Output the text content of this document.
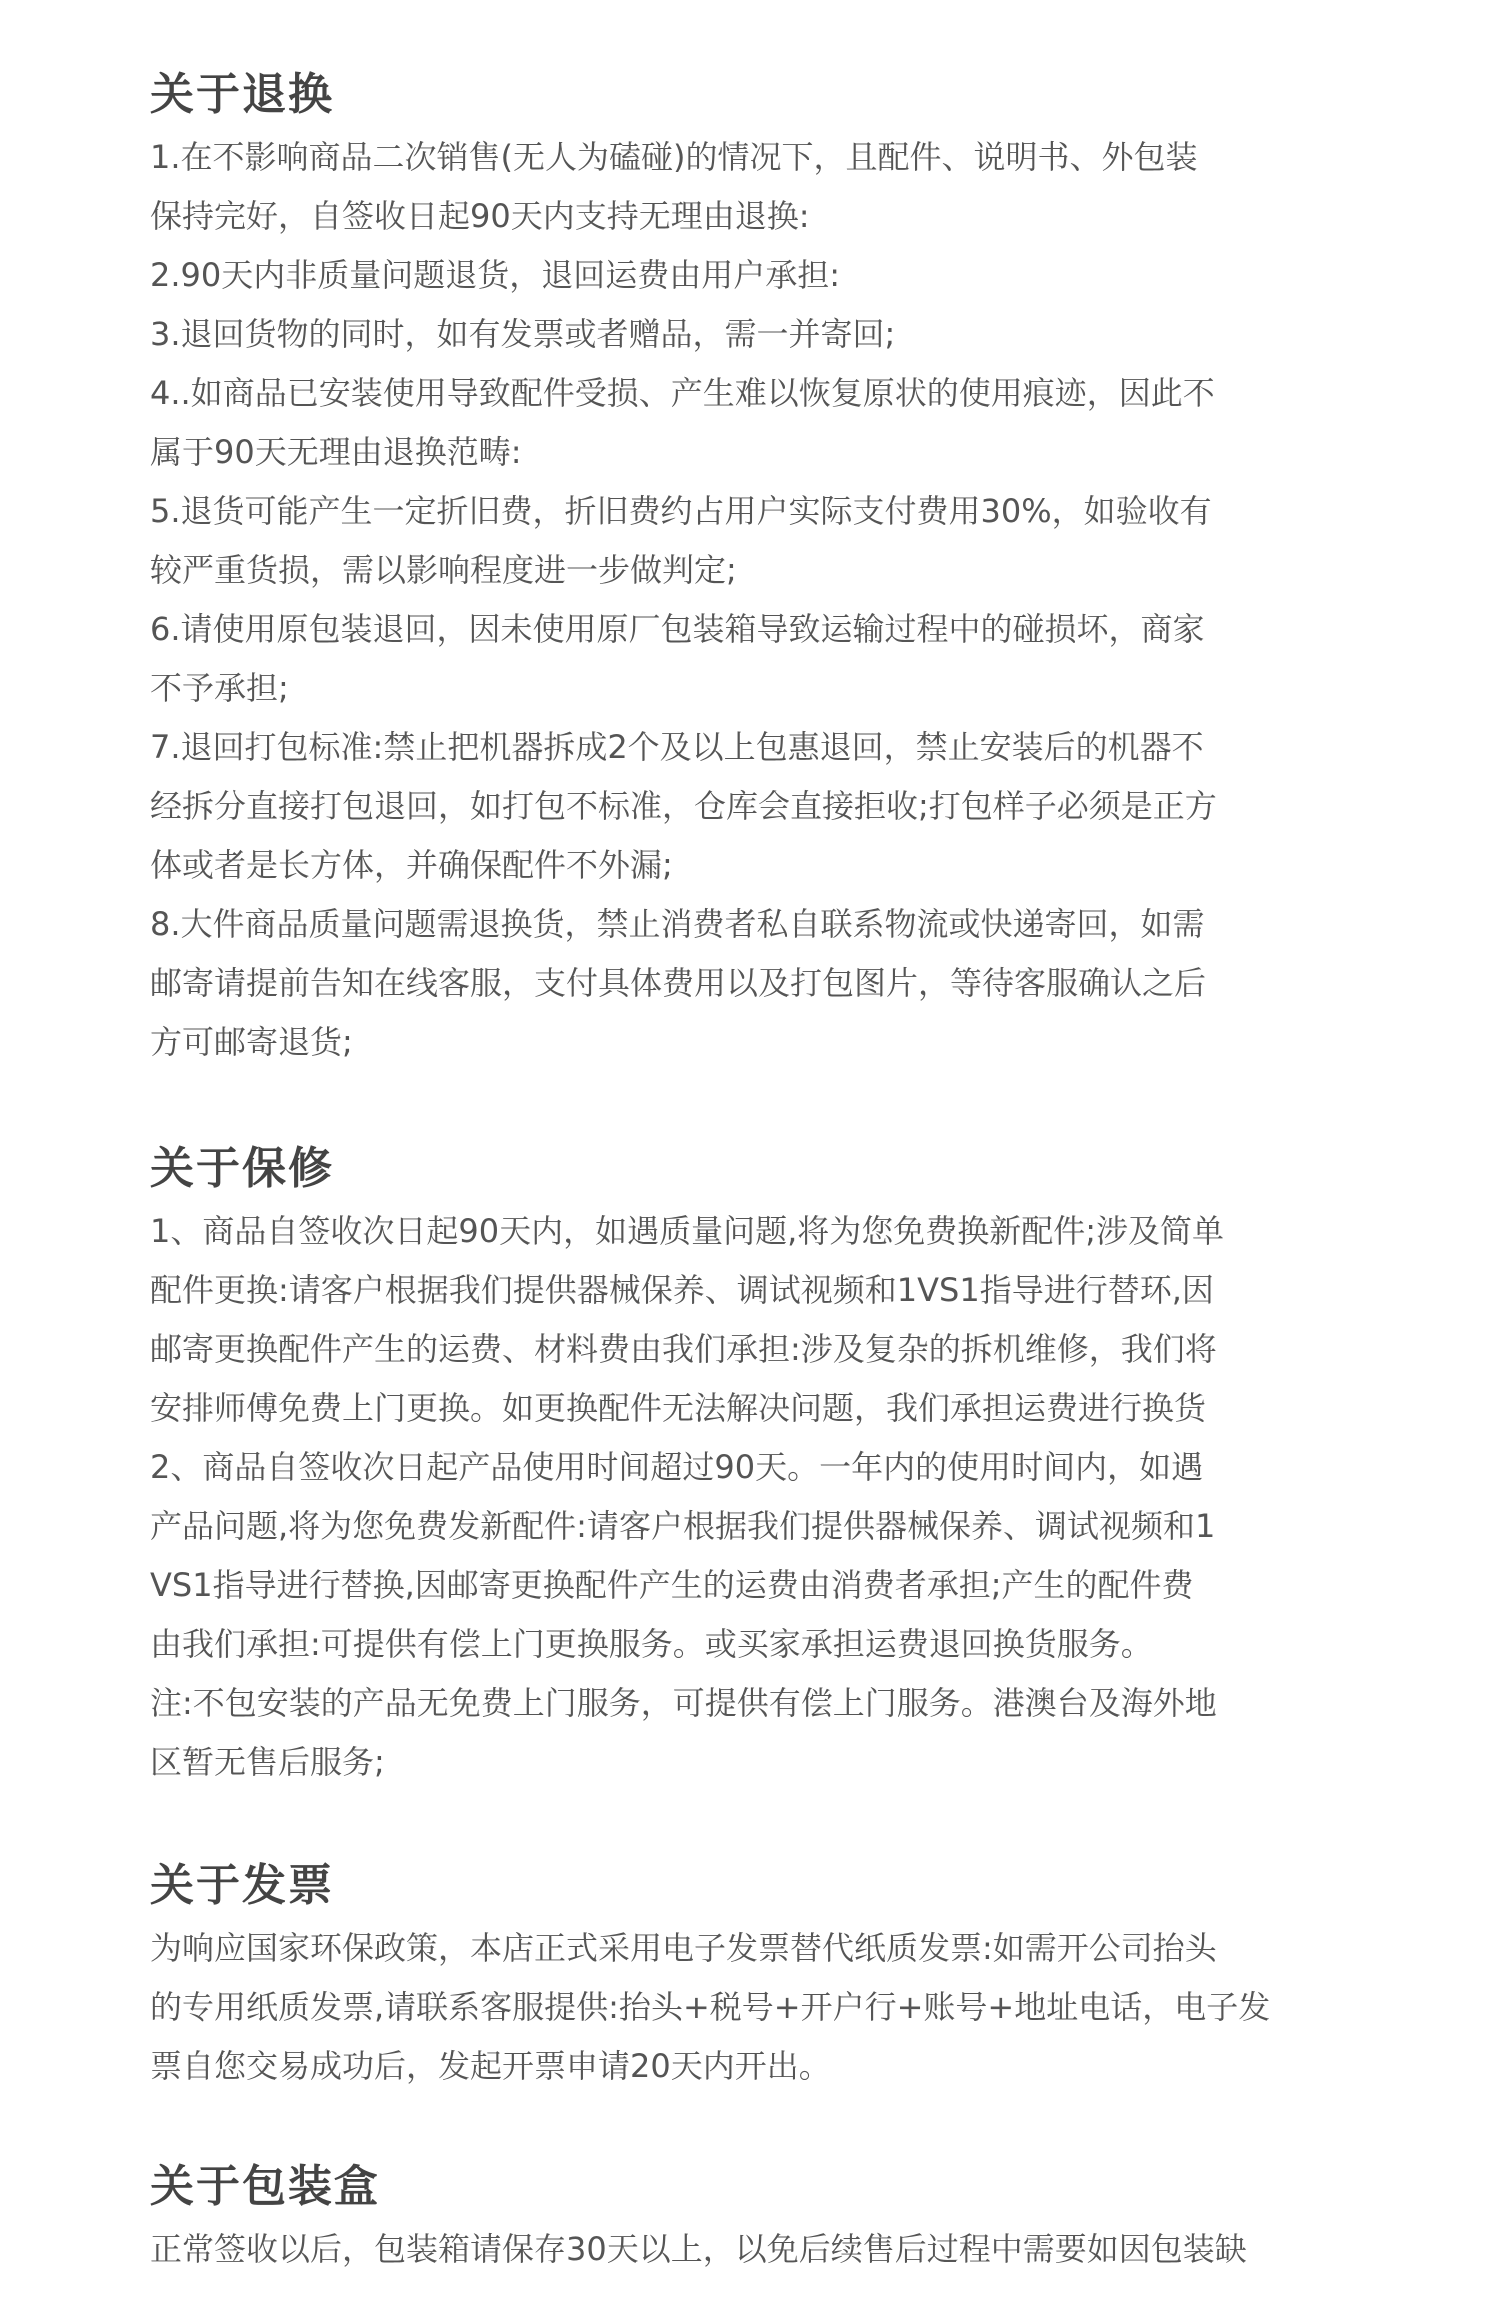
关于退换

1.在不影响商品二次销售(无人为磕碰)的情况下，且配件、说明书、外包装

保持完好，自签收日起90天内支持无理由退换:

2.90天内非质量问题退货，退回运费由用户承担:

3.退回货物的同时，如有发票或者赠品，需一并寄回;

4..如商品已安装使用导致配件受损、产生难以恢复原状的使用痕迹，因此不

属于90天无理由退换范畴:

5.退货可能产生一定折旧费，折旧费约占用户实际支付费用30%，如验收有

较严重货损，需以影响程度进一步做判定;

6.请使用原包装退回，因未使用原厂包装箱导致运输过程中的碰损坏，商家

不予承担;

7.退回打包标准:禁止把机器拆成2个及以上包惠退回，禁止安装后的机器不

经拆分直接打包退回，如打包不标准，仓库会直接拒收;打包样子必须是正方

体或者是长方体，并确保配件不外漏;

8.大件商品质量问题需退换货，禁止消费者私自联系物流或快递寄回，如需

邮寄请提前告知在线客服，支付具体费用以及打包图片，等待客服确认之后

方可邮寄退货;

关于保修

1、商品自签收次日起90天内，如遇质量问题,将为您免费换新配件;涉及简单

配件更换:请客户根据我们提供器械保养、调试视频和1VS1指导进行替环,因

邮寄更换配件产生的运费、材料费由我们承担:涉及复杂的拆机维修，我们将

安排师傅免费上门更换。如更换配件无法解决问题，我们承担运费进行换货

2、商品自签收次日起产品使用时间超过90天。一年内的使用时间内，如遇

产品问题,将为您免费发新配件:请客户根据我们提供器械保养、调试视频和1

VS1指导进行替换,因邮寄更换配件产生的运费由消费者承担;产生的配件费

由我们承担:可提供有偿上门更换服务。或买家承担运费退回换货服务。

注:不包安装的产品无免费上门服务，可提供有偿上门服务。港澳台及海外地

区暂无售后服务;

关于发票

为响应国家环保政策，本店正式采用电子发票替代纸质发票:如需开公司抬头

的专用纸质发票,请联系客服提供:抬头+税号+开户行+账号+地址电话，电子发

票自您交易成功后，发起开票申请20天内开出。

关于包装盒

正常签收以后，包装箱请保存30天以上，以免后续售后过程中需要如因包装缺
